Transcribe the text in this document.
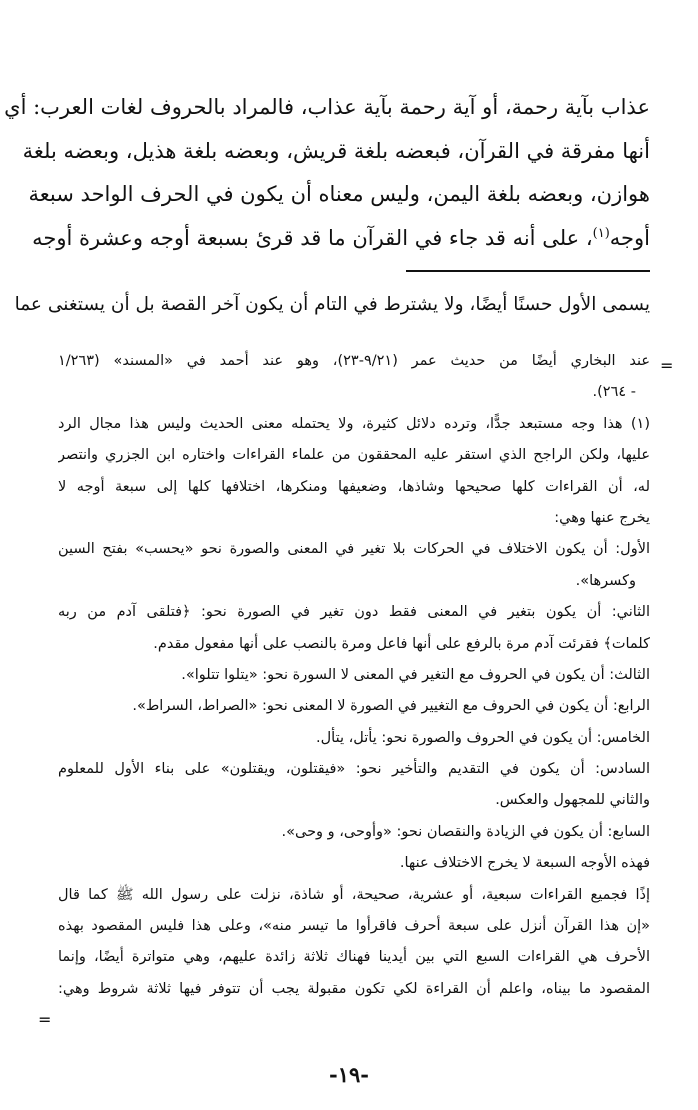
عذاب بآية رحمة، أو آية رحمة بآية عذاب، فالمراد بالحروف لغات العرب: أي
أنها مفرقة في القرآن، فبعضه بلغة قريش، وبعضه بلغة هذيل، وبعضه بلغة
هوازن، وبعضه بلغة اليمن، وليس معناه أن يكون في الحرف الواحد سبعة
أوجه$^{(١)}$، على أنه قد جاء في القرآن ما قد قرئ بسبعة أوجه وعشرة أوجه
يسمى الأول حسنًا أيضًا، ولا يشترط في التام أن يكون آخر القصة بل أن يستغنى عما
عند البخاري أيضًا من حديث عمر (٩/٢١-٢٣)، وهو عند أحمد في «المسند» (١/٢٦٣
- ٢٦٤).
(١) هذا وجه مستبعد جدًّا، وترده دلائل كثيرة، ولا يحتمله معنى الحديث وليس هذا مجال الرد
عليها، ولكن الراجح الذي استقر عليه المحققون من علماء القراءات واختاره ابن الجزري وانتصر
له، أن القراءات كلها صحيحها وشاذها، وضعيفها ومنكرها، اختلافها كلها إلى سبعة أوجه لا
يخرج عنها وهي:
الأول: أن يكون الاختلاف في الحركات بلا تغير في المعنى والصورة نحو «يحسب» بفتح السين
وكسرها».
الثاني: أن يكون بتغير في المعنى فقط دون تغير في الصورة نحو: ﴿فتلقى آدم من ربه
كلمات﴾ فقرئت آدم مرة بالرفع على أنها فاعل ومرة بالنصب على أنها مفعول مقدم.
الثالث: أن يكون في الحروف مع التغير في المعنى لا السورة نحو: «يتلوا تتلوا».
الرابع: أن يكون في الحروف مع التغيير في الصورة لا المعنى نحو: «الصراط، السراط».
الخامس: أن يكون في الحروف والصورة نحو: يأتل، يتأل.
السادس: أن يكون في التقديم والتأخير نحو: «فيقتلون، ويقتلون» على بناء الأول للمعلوم
والثاني للمجهول والعكس.
السابع: أن يكون في الزيادة والنقصان نحو: «وأوحى، و وحى».
فهذه الأوجه السبعة لا يخرج الاختلاف عنها.
إذًا فجميع القراءات سبعية، أو عشرية، صحيحة، أو شاذة، نزلت على رسول الله ﷺ كما قال
«إن هذا القرآن أنزل على سبعة أحرف فاقرأوا ما تيسر منه»، وعلى هذا فليس المقصود بهذه
الأحرف هي القراءات السبع التي بين أيدينا فهناك ثلاثة زائدة عليهم، وهي متواترة أيضًا، وإنما
المقصود ما بيناه، واعلم أن القراءة لكي تكون مقبولة يجب أن تتوفر فيها ثلاثة شروط وهي:
=
=
-١٩-
